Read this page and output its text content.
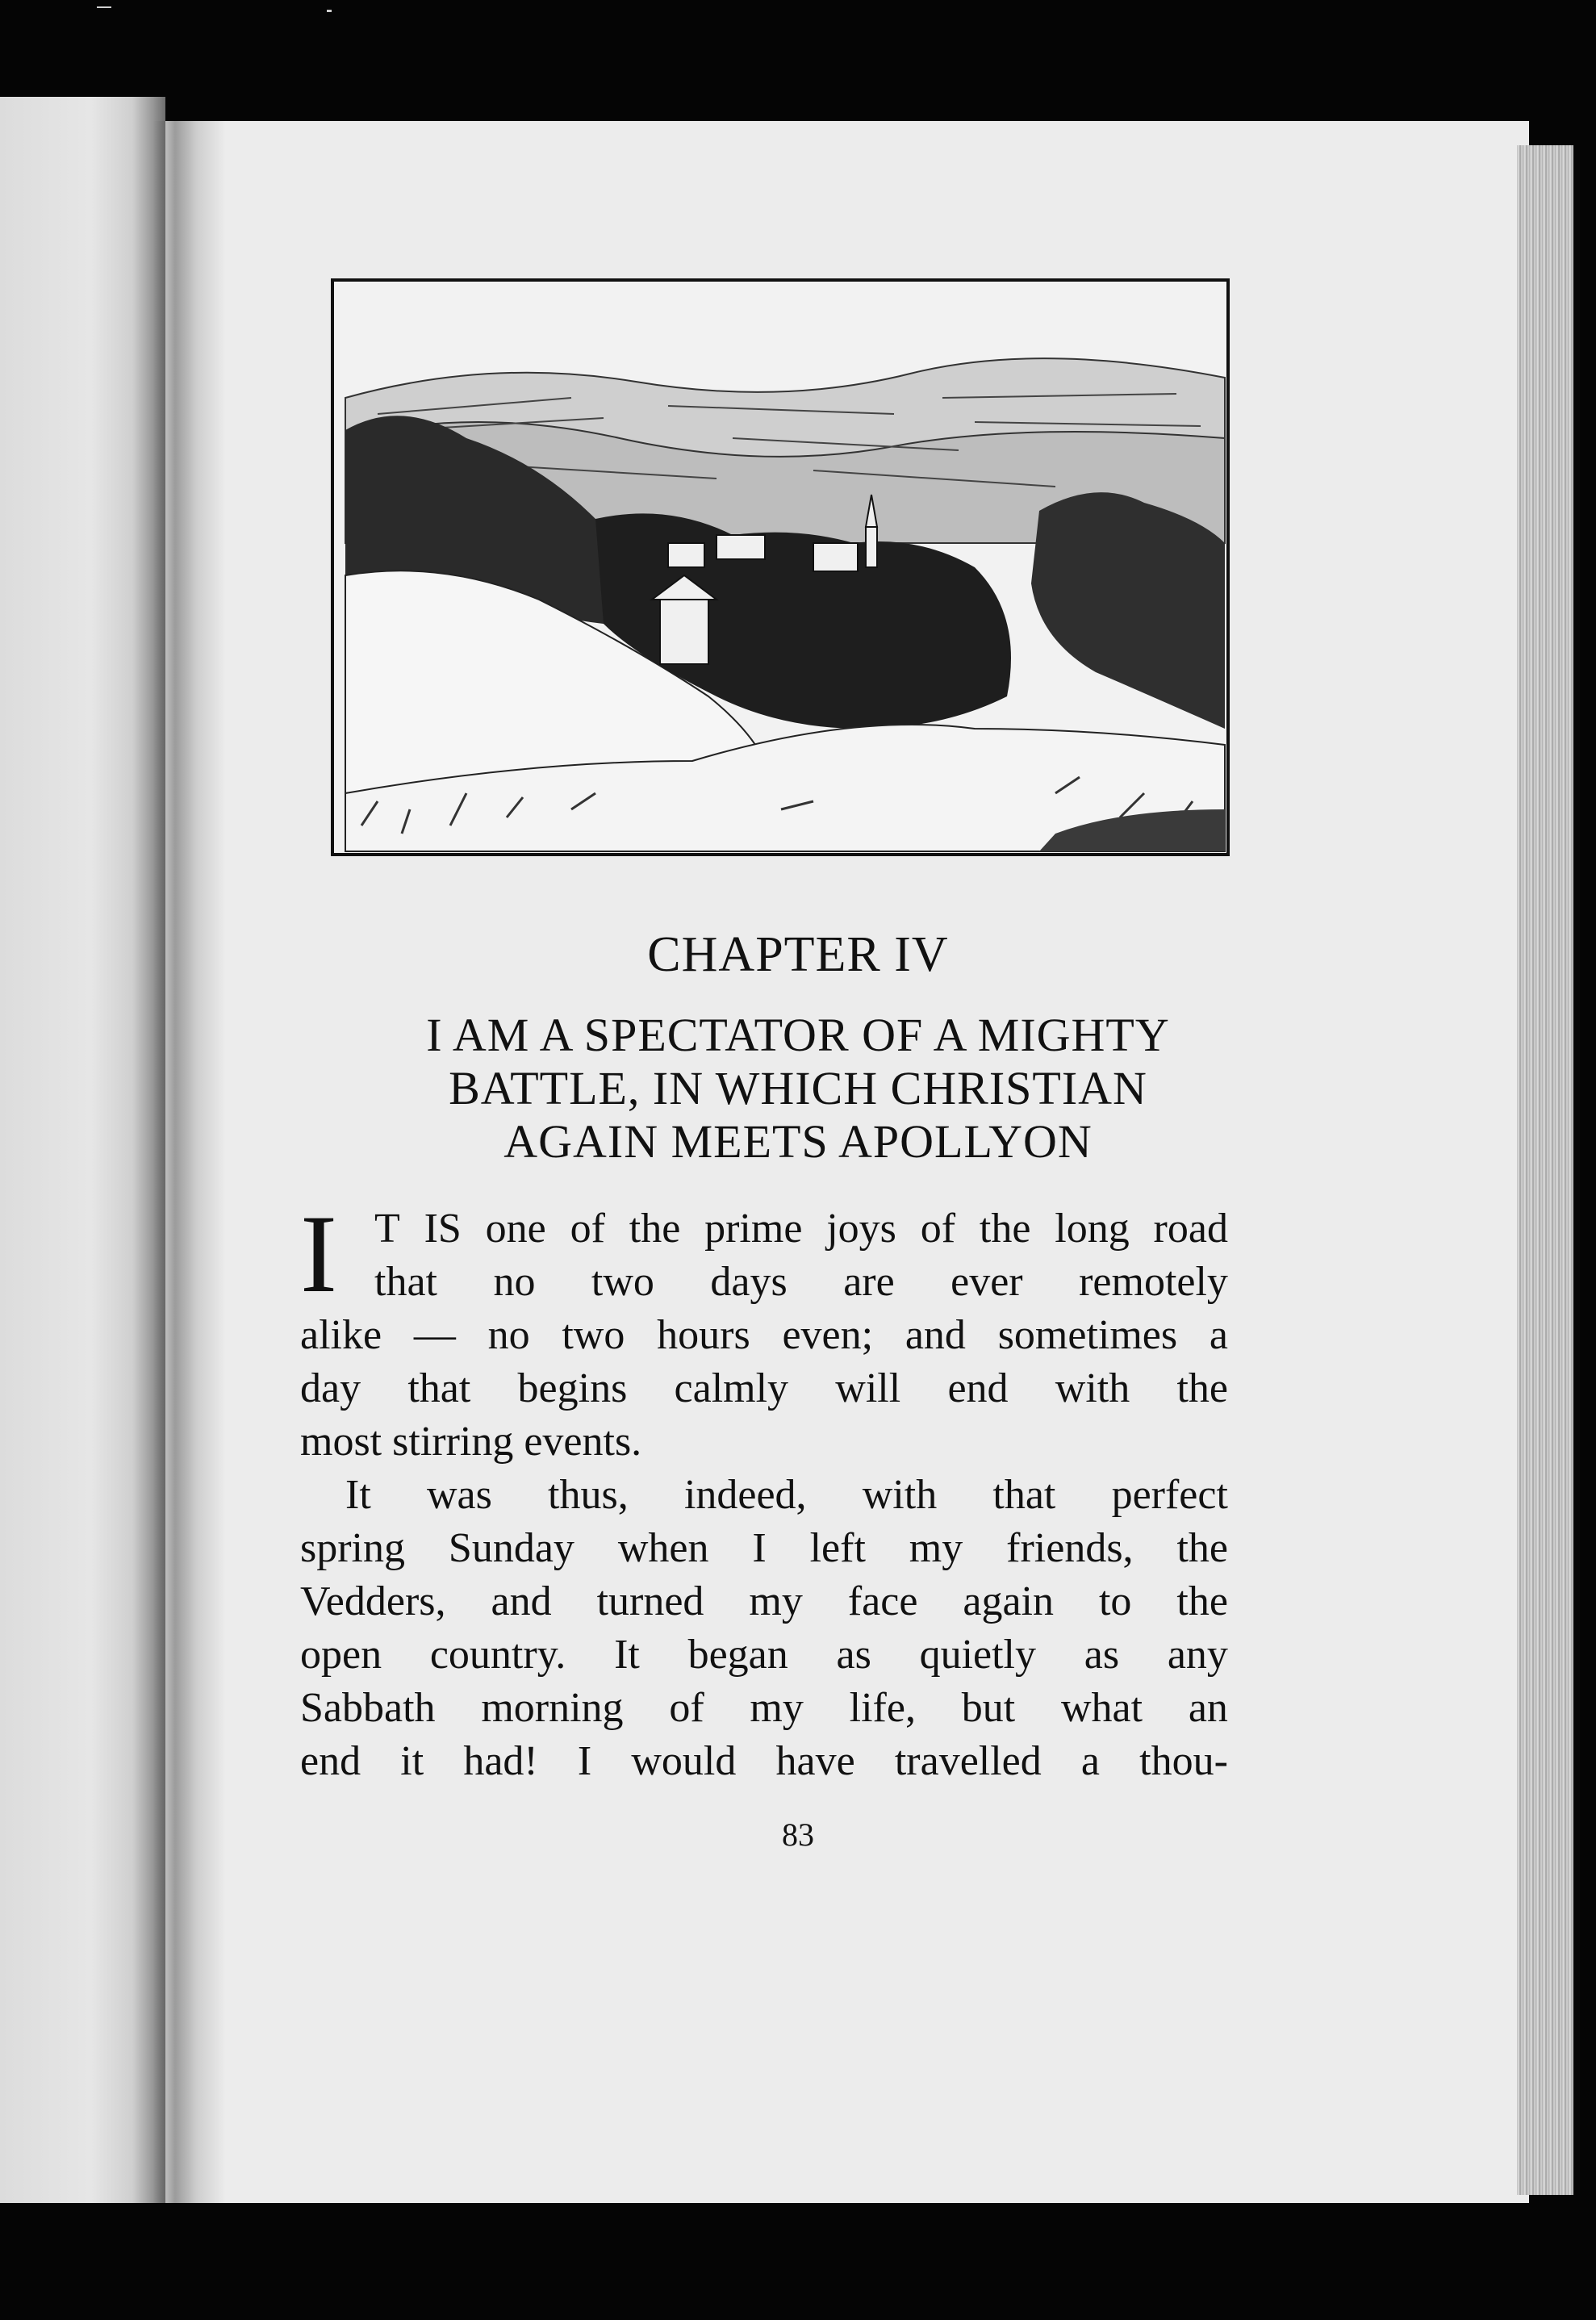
CHAPTER IV
I AM A SPECTATOR OF A MIGHTY
BATTLE, IN WHICH CHRISTIAN
AGAIN MEETS APOLLYON
I T IS one of the prime joys of the long road
that no two days are ever remotely
alike — no two hours even; and sometimes a
day that begins calmly will end with the
most stirring events.
It was thus, indeed, with that perfect
spring Sunday when I left my friends, the
Vedders, and turned my face again to the
open country. It began as quietly as any
Sabbath morning of my life, but what an
end it had! I would have travelled a thou-
83
